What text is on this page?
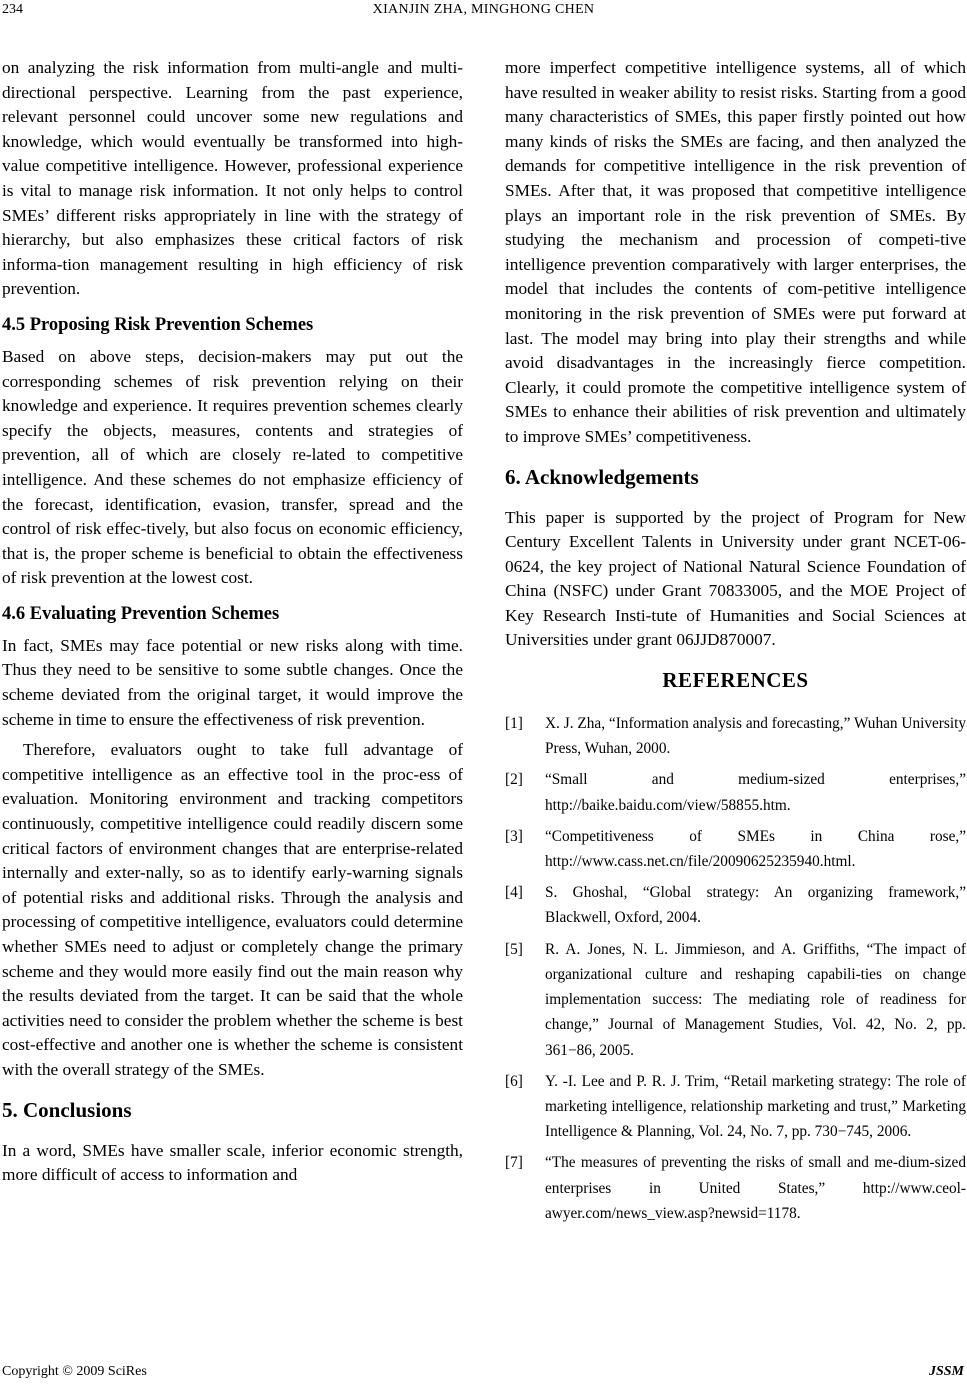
234	XIANJIN ZHA, MINGHONG CHEN

on analyzing the risk information from multi-angle and multi-directional perspective. Learning from the past experience, relevant personnel could uncover some new regulations and knowledge, which would eventually be transformed into high-value competitive intelligence. However, professional experience is vital to manage risk information. It not only helps to control SMEs’ different risks appropriately in line with the strategy of hierarchy, but also emphasizes these critical factors of risk informa-tion management resulting in high efficiency of risk prevention.

4.5 Proposing Risk Prevention Schemes

Based on above steps, decision-makers may put out the corresponding schemes of risk prevention relying on their knowledge and experience. It requires prevention schemes clearly specify the objects, measures, contents and strategies of prevention, all of which are closely re-lated to competitive intelligence. And these schemes do not emphasize efficiency of the forecast, identification, evasion, transfer, spread and the control of risk effec-tively, but also focus on economic efficiency, that is, the proper scheme is beneficial to obtain the effectiveness of risk prevention at the lowest cost.

4.6 Evaluating Prevention Schemes

In fact, SMEs may face potential or new risks along with time. Thus they need to be sensitive to some subtle changes. Once the scheme deviated from the original target, it would improve the scheme in time to ensure the effectiveness of risk prevention.

Therefore, evaluators ought to take full advantage of competitive intelligence as an effective tool in the proc-ess of evaluation. Monitoring environment and tracking competitors continuously, competitive intelligence could readily discern some critical factors of environment changes that are enterprise-related internally and exter-nally, so as to identify early-warning signals of potential risks and additional risks. Through the analysis and processing of competitive intelligence, evaluators could determine whether SMEs need to adjust or completely change the primary scheme and they would more easily find out the main reason why the results deviated from the target. It can be said that the whole activities need to consider the problem whether the scheme is best cost-effective and another one is whether the scheme is consistent with the overall strategy of the SMEs.

5. Conclusions

In a word, SMEs have smaller scale, inferior economic strength, more difficult of access to information and

more imperfect competitive intelligence systems, all of which have resulted in weaker ability to resist risks. Starting from a good many characteristics of SMEs, this paper firstly pointed out how many kinds of risks the SMEs are facing, and then analyzed the demands for competitive intelligence in the risk prevention of SMEs. After that, it was proposed that competitive intelligence plays an important role in the risk prevention of SMEs. By studying the mechanism and procession of competi-tive intelligence prevention comparatively with larger enterprises, the model that includes the contents of com-petitive intelligence monitoring in the risk prevention of SMEs were put forward at last. The model may bring into play their strengths and while avoid disadvantages in the increasingly fierce competition. Clearly, it could promote the competitive intelligence system of SMEs to enhance their abilities of risk prevention and ultimately to improve SMEs’ competitiveness.

6. Acknowledgements

This paper is supported by the project of Program for New Century Excellent Talents in University under grant NCET-06-0624, the key project of National Natural Science Foundation of China (NSFC) under Grant 70833005, and the MOE Project of Key Research Insti-tute of Humanities and Social Sciences at Universities under grant 06JJD870007.

REFERENCES
[1]	X. J. Zha, “Information analysis and forecasting,” Wuhan University Press, Wuhan, 2000.
[2]	“Small and medium-sized enterprises,” http://baike.baidu.com/view/58855.htm.
[3]	“Competitiveness of SMEs in China rose,” http://www.cass.net.cn/file/20090625235940.html.
[4]	S. Ghoshal, “Global strategy: An organizing framework,” Blackwell, Oxford, 2004.
[5]	R. A. Jones, N. L. Jimmieson, and A. Griffiths, “The impact of organizational culture and reshaping capabili-ties on change implementation success: The mediating role of readiness for change,” Journal of Management Studies, Vol. 42, No. 2, pp. 361−86, 2005.
[6]	Y. -I. Lee and P. R. J. Trim, “Retail marketing strategy: The role of marketing intelligence, relationship marketing and trust,” Marketing Intelligence & Planning, Vol. 24, No. 7, pp. 730−745, 2006.
[7]	“The measures of preventing the risks of small and me-dium-sized enterprises in United States,” http://www.ceol-awyer.com/news_view.asp?newsid=1178.
Copyright © 2009 SciRes	JSSM
